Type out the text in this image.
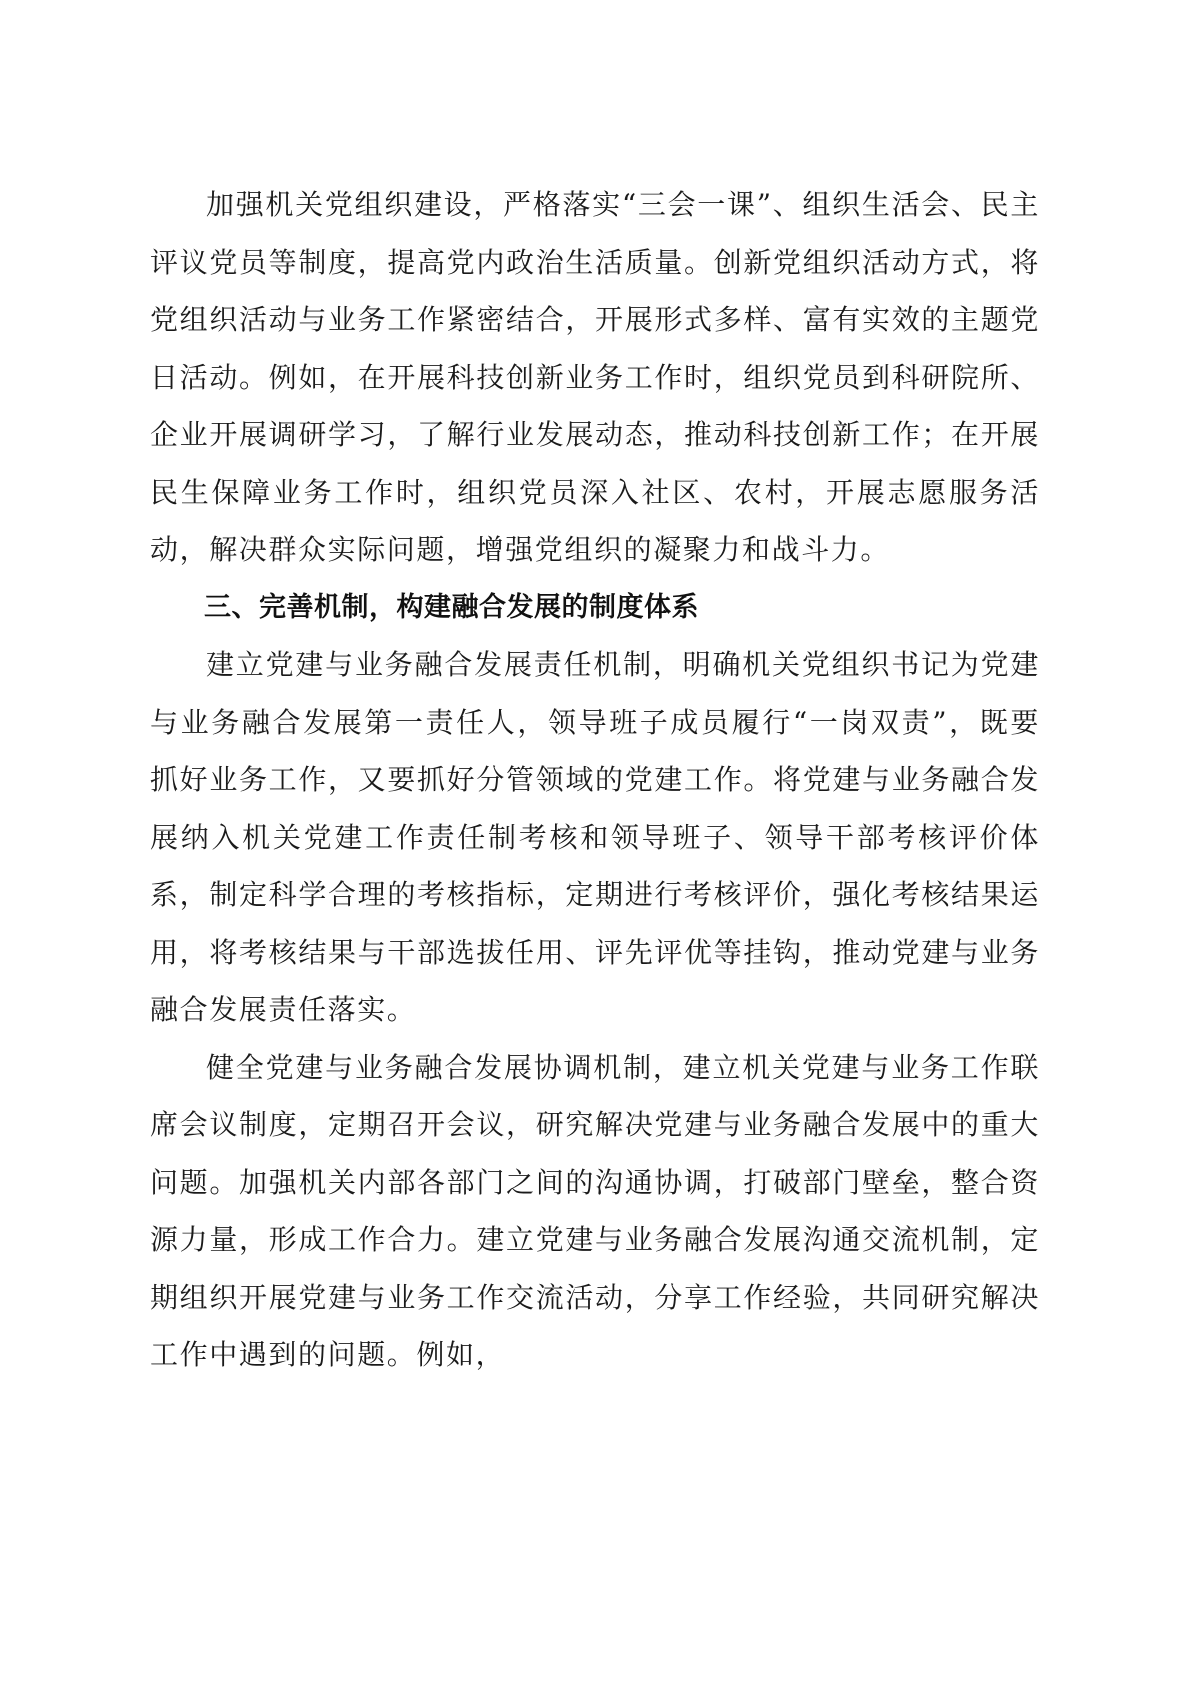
加强机关党组织建设，严格落实“三会一课”、组织生活会、民主评议党员等制度，提高党内政治生活质量。创新党组织活动方式，将党组织活动与业务工作紧密结合，开展形式多样、富有实效的主题党日活动。例如，在开展科技创新业务工作时，组织党员到科研院所、企业开展调研学习，了解行业发展动态，推动科技创新工作；在开展民生保障业务工作时，组织党员深入社区、农村，开展志愿服务活动，解决群众实际问题，增强党组织的凝聚力和战斗力。

三、完善机制，构建融合发展的制度体系

建立党建与业务融合发展责任机制，明确机关党组织书记为党建与业务融合发展第一责任人，领导班子成员履行“一岗双责”，既要抓好业务工作，又要抓好分管领域的党建工作。将党建与业务融合发展纳入机关党建工作责任制考核和领导班子、领导干部考核评价体系，制定科学合理的考核指标，定期进行考核评价，强化考核结果运用，将考核结果与干部选拔任用、评先评优等挂钩，推动党建与业务融合发展责任落实。

健全党建与业务融合发展协调机制，建立机关党建与业务工作联席会议制度，定期召开会议，研究解决党建与业务融合发展中的重大问题。加强机关内部各部门之间的沟通协调，打破部门壁垒，整合资源力量，形成工作合力。建立党建与业务融合发展沟通交流机制，定期组织开展党建与业务工作交流活动，分享工作经验，共同研究解决工作中遇到的问题。例如，
